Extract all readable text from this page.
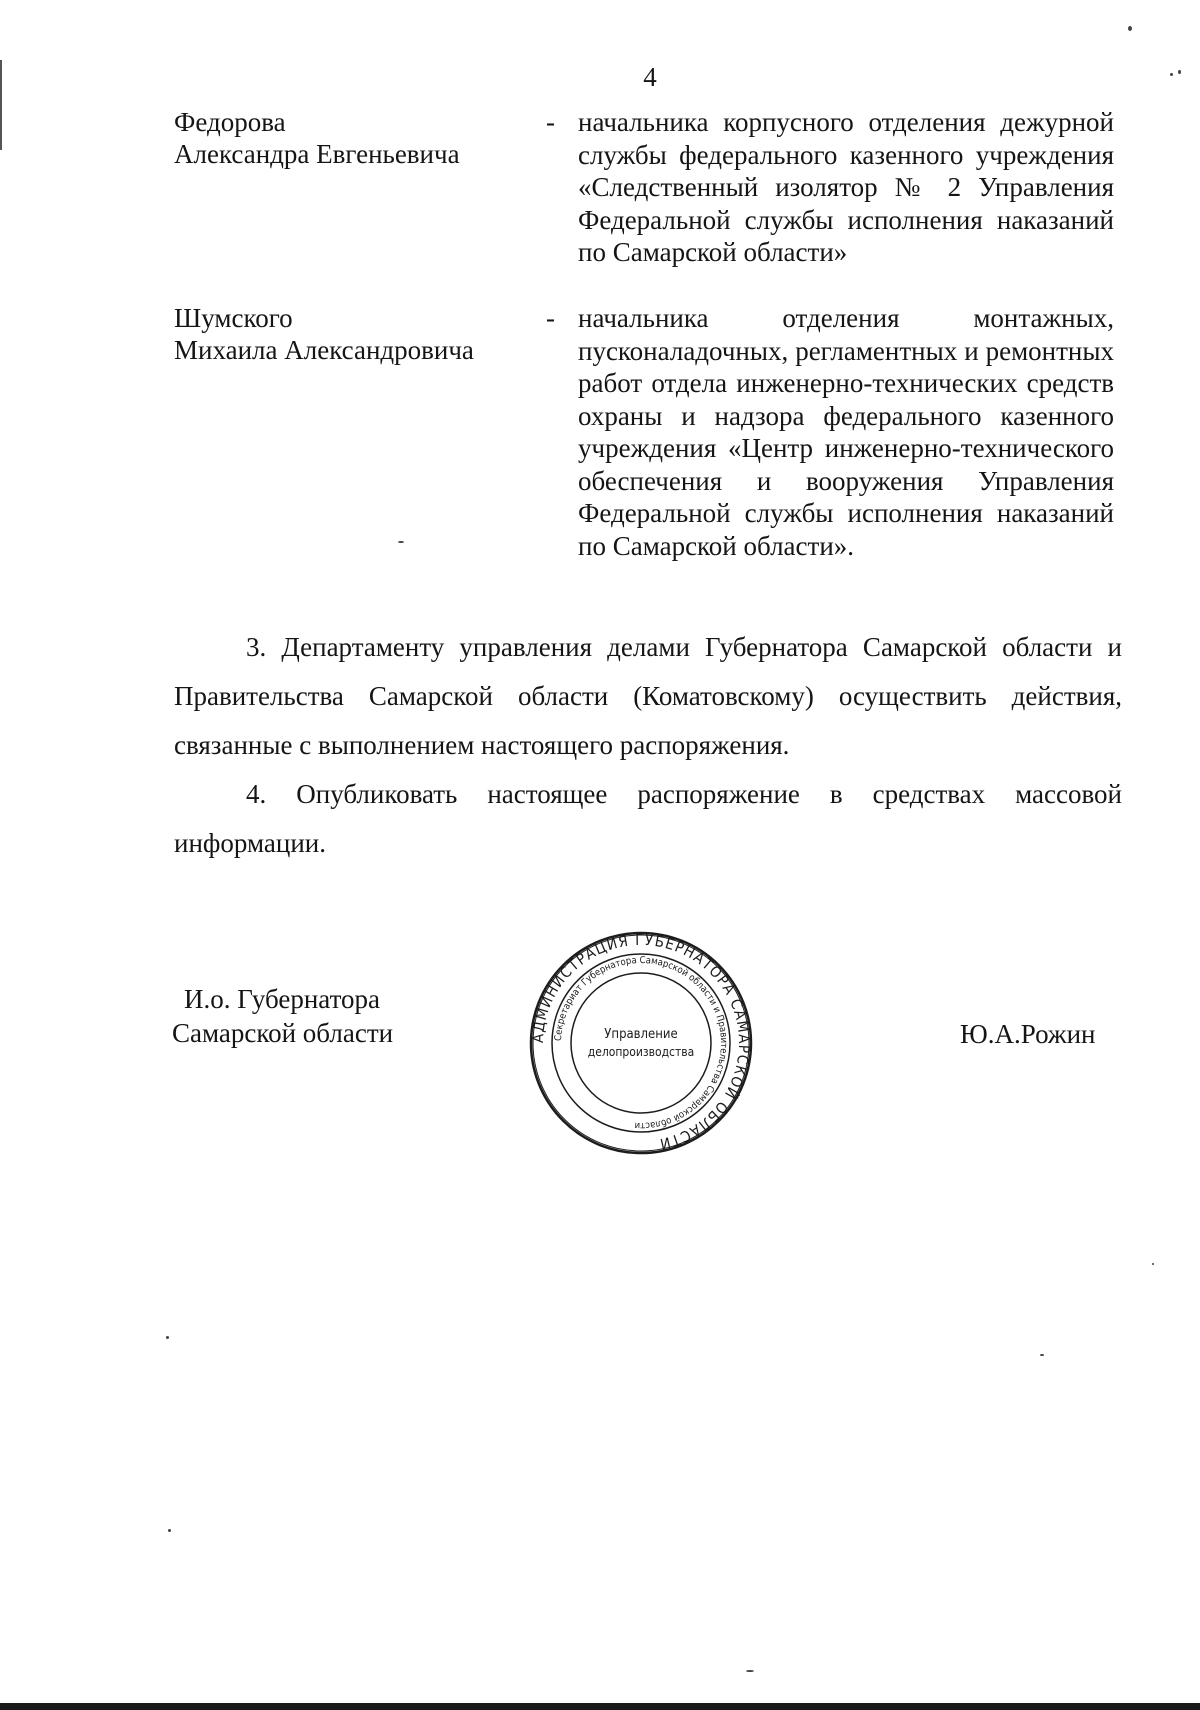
4
Федорова
Александра Евгеньевича
- начальника корпусного отделения дежурной службы федерального казенного учреждения «Следственный изолятор № 2 Управления Федеральной службы исполнения наказаний по Самарской области»
Шумского
Михаила Александровича
- начальника отделения монтажных, пусконаладочных, регламентных и ремонтных работ отдела инженерно-технических средств охраны и надзора федерального казенного учреждения «Центр инженерно-технического обеспечения и вооружения Управления Федеральной службы исполнения наказаний по Самарской области».
3. Департаменту управления делами Губернатора Самарской области и Правительства Самарской области (Коматовскому) осуществить действия, связанные с выполнением настоящего распоряжения.
4. Опубликовать настоящее распоряжение в средствах массовой информации.
И.о. Губернатора
Самарской области	АДМИНИСТРАЦИЯ ГУБЕРНАТОРА САМАРСКОЙ ОБЛАСТИ
Секретариат Губернатора Самарской области и Правительства Самарской области
Управление
делопроизводства
Ю.А.Рожин
